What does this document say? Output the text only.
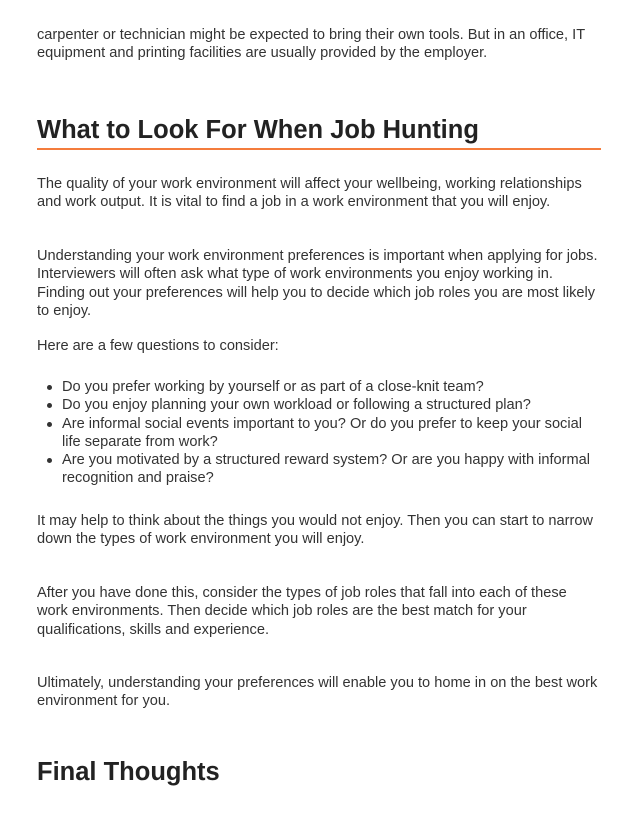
carpenter or technician might be expected to bring their own tools. But in an office, IT equipment and printing facilities are usually provided by the employer.

What to Look For When Job Hunting

The quality of your work environment will affect your wellbeing, working relationships and work output. It is vital to find a job in a work environment that you will enjoy.

Understanding your work environment preferences is important when applying for jobs. Interviewers will often ask what type of work environments you enjoy working in. Finding out your preferences will help you to decide which job roles you are most likely to enjoy.

Here are a few questions to consider:

Do you prefer working by yourself or as part of a close-knit team?
Do you enjoy planning your own workload or following a structured plan?
Are informal social events important to you? Or do you prefer to keep your social life separate from work?
Are you motivated by a structured reward system? Or are you happy with informal recognition and praise?

It may help to think about the things you would not enjoy. Then you can start to narrow down the types of work environment you will enjoy.

After you have done this, consider the types of job roles that fall into each of these work environments. Then decide which job roles are the best match for your qualifications, skills and experience.

Ultimately, understanding your preferences will enable you to home in on the best work environment for you.

Final Thoughts
